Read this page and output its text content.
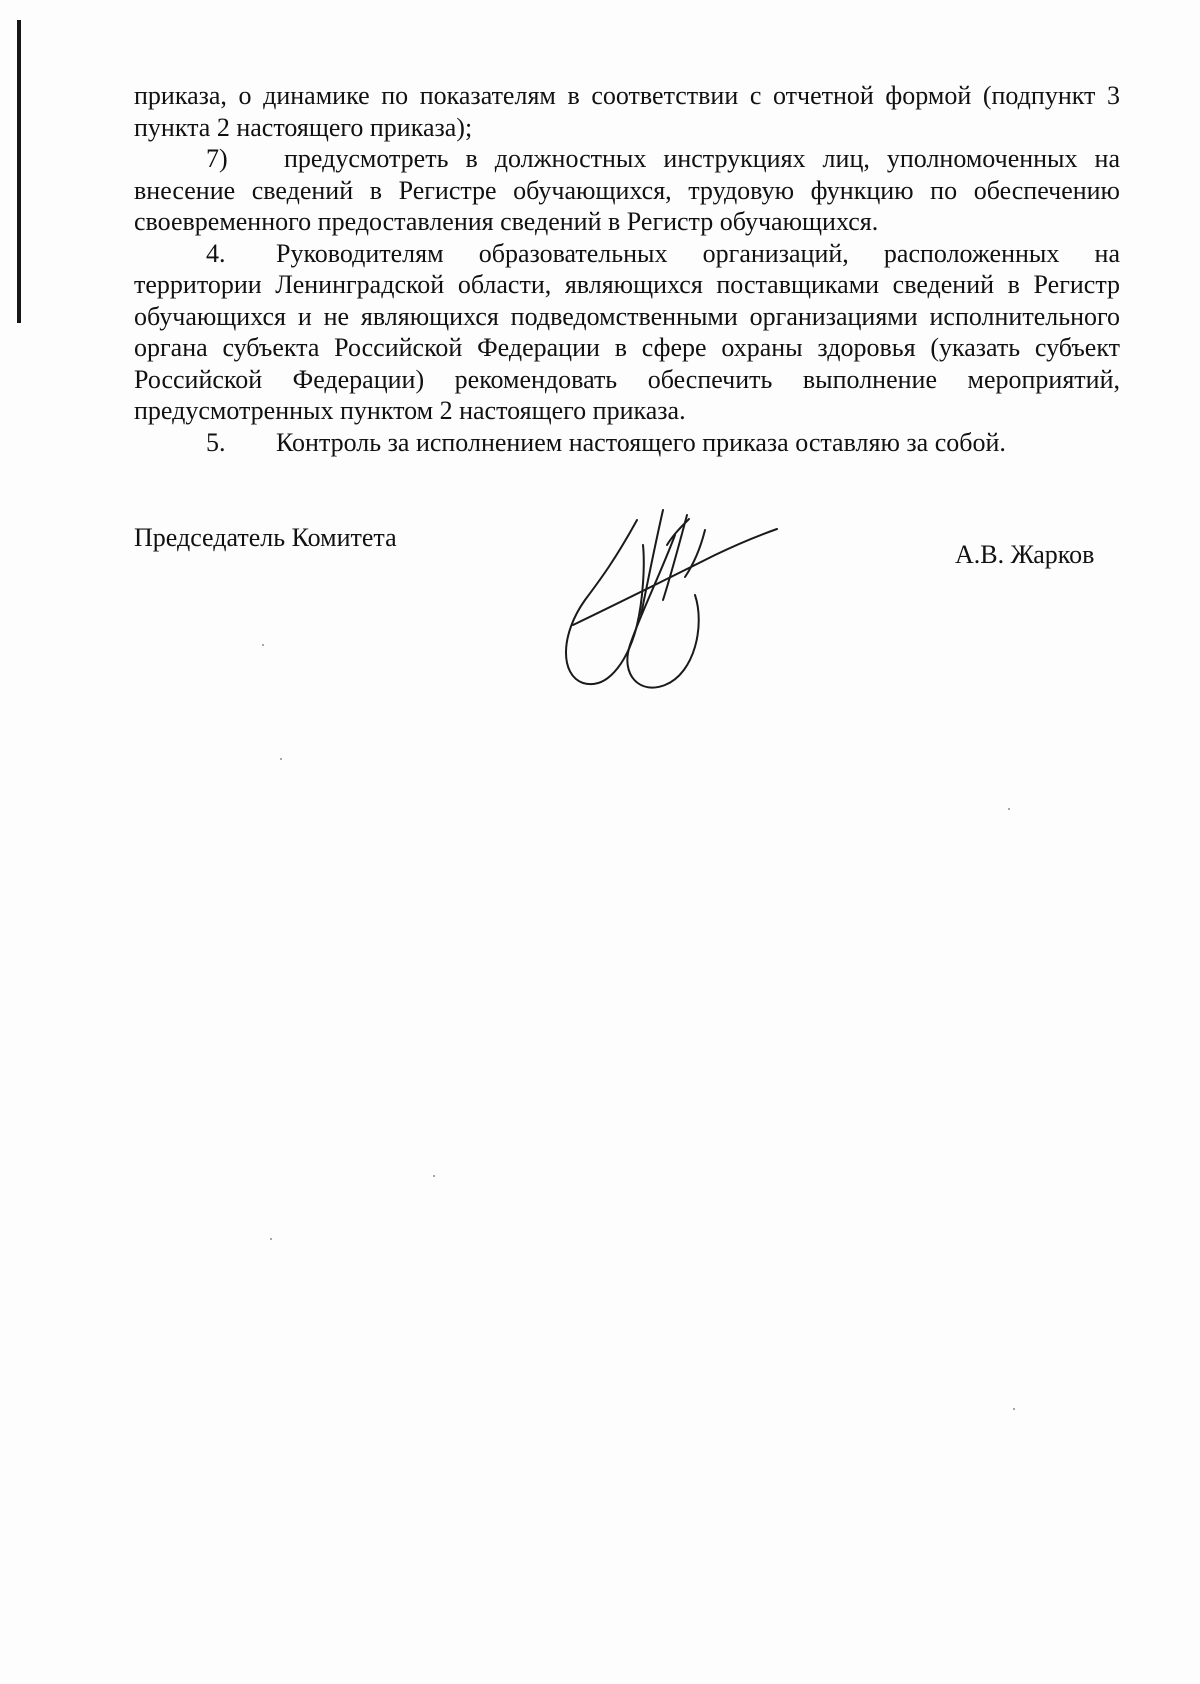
приказа, о динамике по показателям в соответствии с отчетной формой (подпункт 3 пункта 2 настоящего приказа);

7) предусмотреть в должностных инструкциях лиц, уполномоченных на внесение сведений в Регистре обучающихся, трудовую функцию по обеспечению своевременного предоставления сведений в Регистр обучающихся.

4. Руководителям образовательных организаций, расположенных на территории Ленинградской области, являющихся поставщиками сведений в Регистр обучающихся и не являющихся подведомственными организациями исполнительного органа субъекта Российской Федерации в сфере охраны здоровья (указать субъект Российской Федерации) рекомендовать обеспечить выполнение мероприятий, предусмотренных пунктом 2 настоящего приказа.

5. Контроль за исполнением настоящего приказа оставляю за собой.

Председатель Комитета
А.В. Жарков
